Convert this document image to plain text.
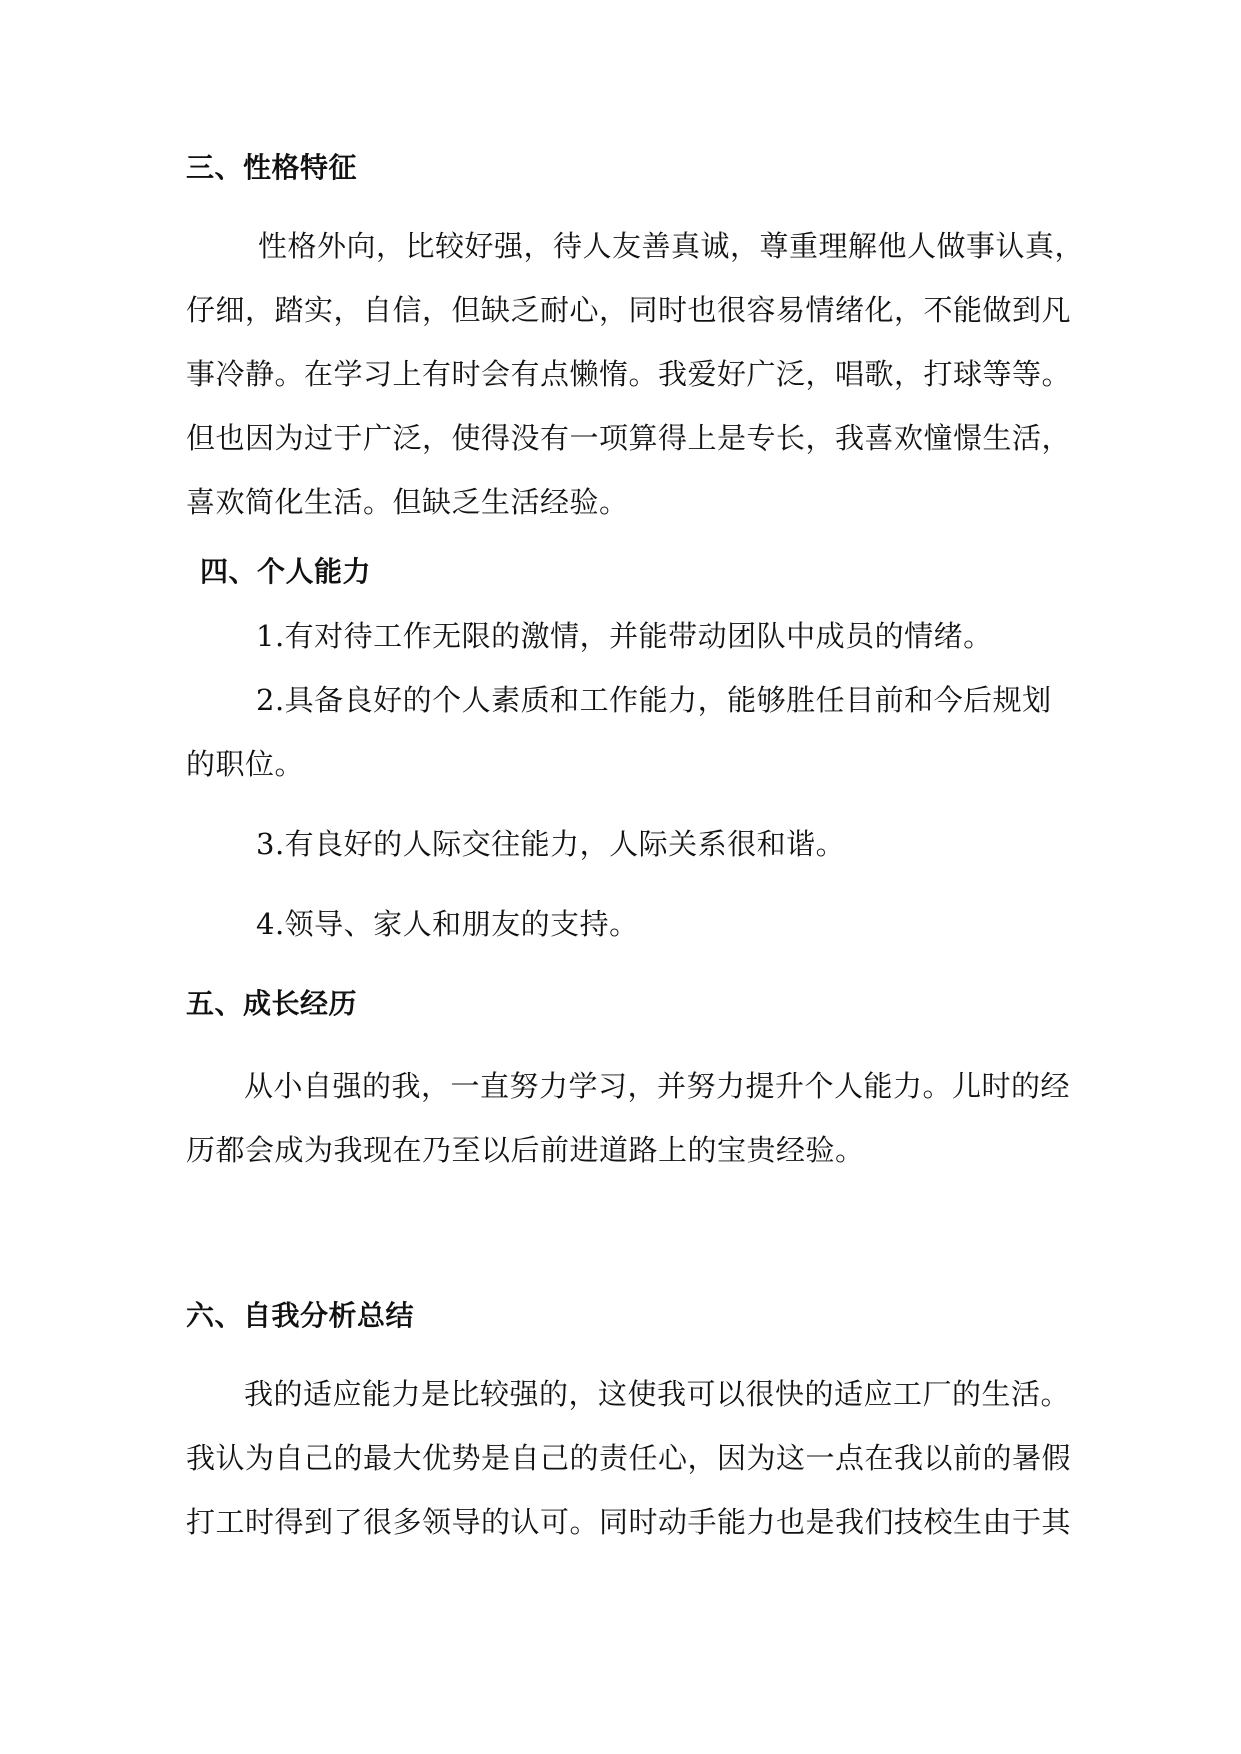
三、性格特征
性格外向，比较好强，待人友善真诚，尊重理解他人做事认真，
仔细，踏实，自信，但缺乏耐心，同时也很容易情绪化，不能做到凡
事冷静。在学习上有时会有点懒惰。我爱好广泛，唱歌，打球等等。
但也因为过于广泛，使得没有一项算得上是专长，我喜欢憧憬生活，
喜欢简化生活。但缺乏生活经验。
四、个人能力
1.有对待工作无限的激情，并能带动团队中成员的情绪。
2.具备良好的个人素质和工作能力，能够胜任目前和今后规划
的职位。
3.有良好的人际交往能力，人际关系很和谐。
4.领导、家人和朋友的支持。
五、成长经历
从小自强的我，一直努力学习，并努力提升个人能力。儿时的经
历都会成为我现在乃至以后前进道路上的宝贵经验。
六、自我分析总结
我的适应能力是比较强的，这使我可以很快的适应工厂的生活。
我认为自己的最大优势是自己的责任心，因为这一点在我以前的暑假
打工时得到了很多领导的认可。同时动手能力也是我们技校生由于其
